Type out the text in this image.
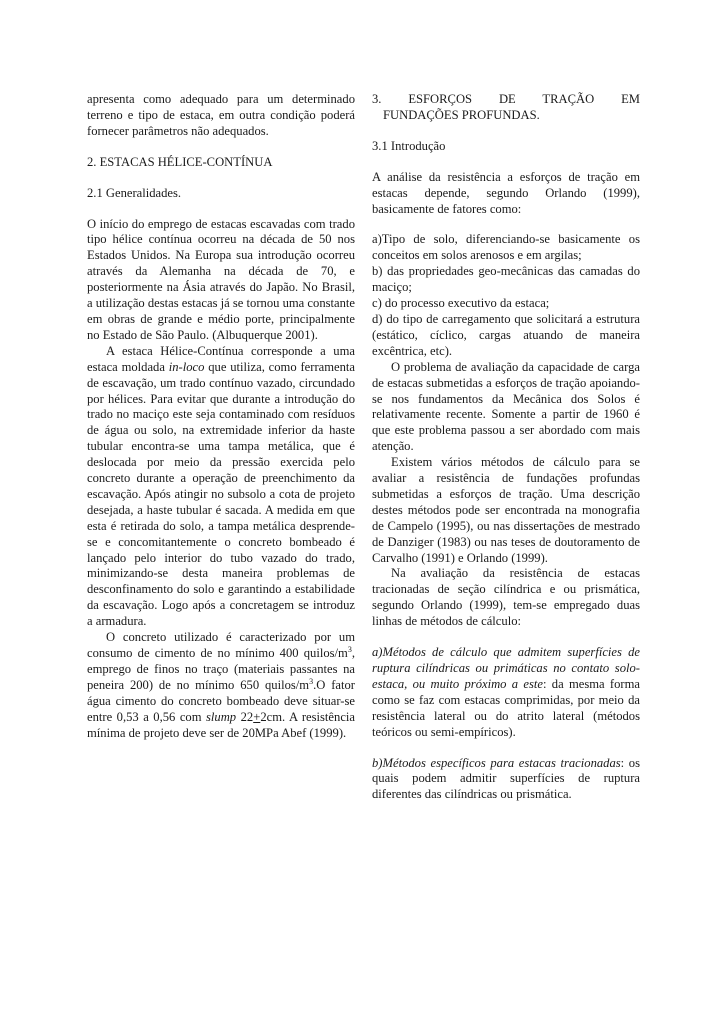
apresenta como adequado para um determinado terreno e tipo de estaca, em outra condição poderá fornecer parâmetros não adequados.

2. ESTACAS HÉLICE-CONTÍNUA

2.1 Generalidades.

O início do emprego de estacas escavadas com trado tipo hélice contínua ocorreu na década de 50 nos Estados Unidos. Na Europa sua introdução ocorreu através da Alemanha na década de 70, e posteriormente na Ásia através do Japão. No Brasil, a utilização destas estacas já se tornou uma constante em obras de grande e médio porte, principalmente no Estado de São Paulo. (Albuquerque 2001).

A estaca Hélice-Contínua corresponde a uma estaca moldada in-loco que utiliza, como ferramenta de escavação, um trado contínuo vazado, circundado por hélices. Para evitar que durante a introdução do trado no maciço este seja contaminado com resíduos de água ou solo, na extremidade inferior da haste tubular encontra-se uma tampa metálica, que é deslocada por meio da pressão exercida pelo concreto durante a operação de preenchimento da escavação. Após atingir no subsolo a cota de projeto desejada, a haste tubular é sacada. A medida em que esta é retirada do solo, a tampa metálica desprende-se e concomitantemente o concreto bombeado é lançado pelo interior do tubo vazado do trado, minimizando-se desta maneira problemas de desconfinamento do solo e garantindo a estabilidade da escavação. Logo após a concretagem se introduz a armadura.

O concreto utilizado é caracterizado por um consumo de cimento de no mínimo 400 quilos/$m^3$, emprego de finos no traço (materiais passantes na peneira 200) de no mínimo 650 quilos/$m^3.O$ fator água cimento do concreto bombeado deve situar-se entre 0,53 a 0,56 com slump 22+2cm. A resistência mínima de projeto deve ser de 20MPa Abef (1999).

3. ESFORÇOS DE TRAÇÃO EM

FUNDAÇÕES PROFUNDAS.

3.1 Introdução

A análise da resistência a esforços de tração em estacas depende, segundo Orlando (1999), basicamente de fatores como:

a)Tipo de solo, diferenciando-se basicamente os conceitos em solos arenosos e em argilas;

b) das propriedades geo-mecânicas das camadas do maciço;

c) do processo executivo da estaca;

d) do tipo de carregamento que solicitará a estrutura (estático, cíclico, cargas atuando de maneira excêntrica, etc).

O problema de avaliação da capacidade de carga de estacas submetidas a esforços de tração apoiando-se nos fundamentos da Mecânica dos Solos é relativamente recente. Somente a partir de 1960 é que este problema passou a ser abordado com mais atenção.

Existem vários métodos de cálculo para se avaliar a resistência de fundações profundas submetidas a esforços de tração. Uma descrição destes métodos pode ser encontrada na monografia de Campelo (1995), ou nas dissertações de mestrado de Danziger (1983) ou nas teses de doutoramento de Carvalho (1991) e Orlando (1999).

Na avaliação da resistência de estacas tracionadas de seção cilíndrica e ou prismática, segundo Orlando (1999), tem-se empregado duas linhas de métodos de cálculo:

a)Métodos de cálculo que admitem superfícies de ruptura cilíndricas ou primáticas no contato solo-estaca, ou muito próximo a este: da mesma forma como se faz com estacas comprimidas, por meio da resistência lateral ou do atrito lateral (métodos teóricos ou semi-empíricos).

b)Métodos específicos para estacas tracionadas: os quais podem admitir superfícies de ruptura diferentes das cilíndricas ou prismática.
